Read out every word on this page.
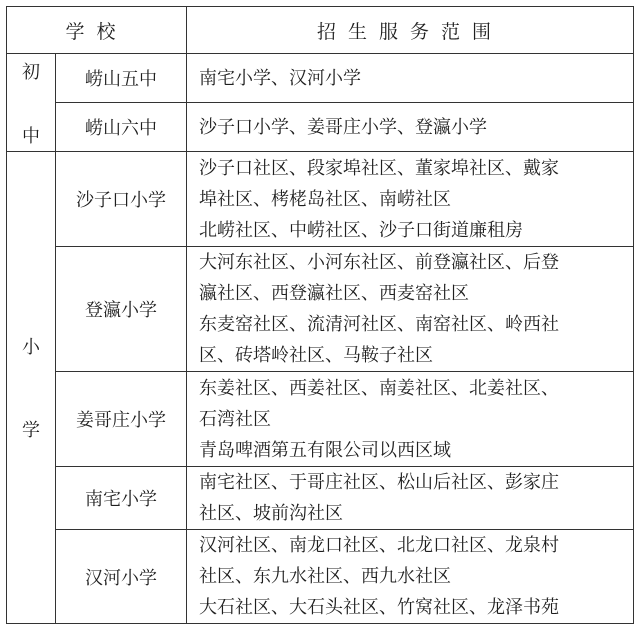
学校		招生服务范围

初
中	崂山五中	南宅小学、汉河小学

	崂山六中	沙子口小学、姜哥庄小学、登瀛小学

小
学	沙子口小学	沙子口社区、段家埠社区、董家埠社区、戴家
埠社区、栲栳岛社区、南崂社区
北崂社区、中崂社区、沙子口街道廉租房

	登瀛小学	大河东社区、小河东社区、前登瀛社区、后登
瀛社区、西登瀛社区、西麦窑社区
东麦窑社区、流清河社区、南窑社区、岭西社
区、砖塔岭社区、马鞍子社区

	姜哥庄小学	东姜社区、西姜社区、南姜社区、北姜社区、
石湾社区
青岛啤酒第五有限公司以西区域

	南宅小学	南宅社区、于哥庄社区、松山后社区、彭家庄
社区、坡前沟社区

	汉河小学	汉河社区、南龙口社区、北龙口社区、龙泉村
社区、东九水社区、西九水社区
大石社区、大石头社区、竹窝社区、龙泽书苑
